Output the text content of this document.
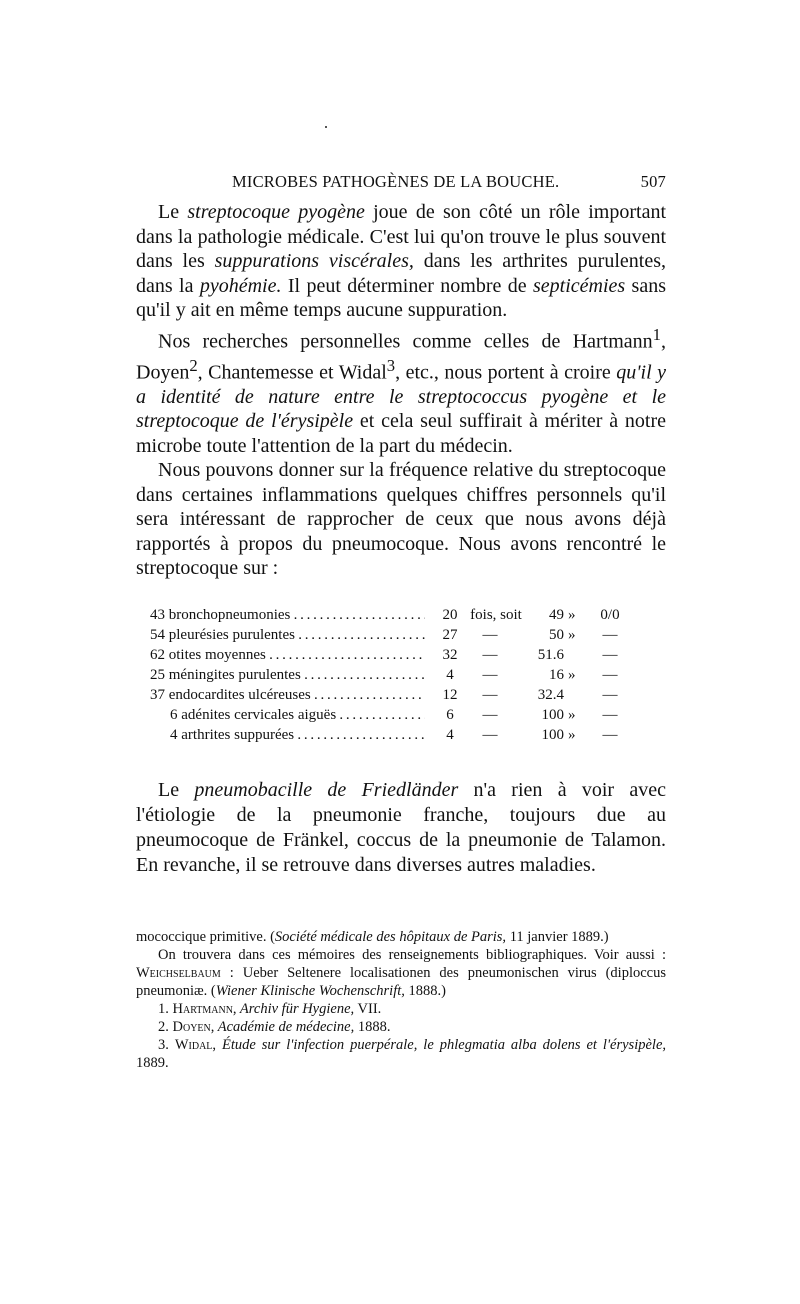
MICROBES PATHOGÈNES DE LA BOUCHE.	507

Le streptocoque pyogène joue de son côté un rôle important dans la pathologie médicale. C'est lui qu'on trouve le plus souvent dans les suppurations viscérales, dans les arthrites purulentes, dans la pyohémie. Il peut déterminer nombre de septicémies sans qu'il y ait en même temps aucune suppuration.

Nos recherches personnelles comme celles de Hartmann$^1$, Doyen$^2$, Chantemesse et Widal$^3$, etc., nous portent à croire qu'il y a identité de nature entre le streptococcus pyogène et le streptocoque de l'érysipèle et cela seul suffirait à mériter à notre microbe toute l'attention de la part du médecin.

Nous pouvons donner sur la fréquence relative du streptocoque dans certaines inflammations quelques chiffres personnels qu'il sera intéressant de rapprocher de ceux que nous avons déjà rapportés à propos du pneumocoque. Nous avons rencontré le streptocoque sur :

43 bronchopneumonies . . .	20 fois, soit	49 »	0/0
54 pleurésies purulentes . . .	27	—	50 »	—
62 otites moyennes . . .	32	—	51.6	—
25 méningites purulentes . . .	4	—	16 »	—
37 endocardites ulcéreuses . . .	12	—	32.4	—
6 adénites cervicales aiguës . . .	6	—	100 »	—
4 arthrites suppurées . . .	4	—	100 »	—

Le pneumobacille de Friedländer n'a rien à voir avec l'étiologie de la pneumonie franche, toujours due au pneumocoque de Fränkel, coccus de la pneumonie de Talamon. En revanche, il se retrouve dans diverses autres maladies.

mococcique primitive. (Société médicale des hôpitaux de Paris, 11 janvier 1889.)

On trouvera dans ces mémoires des renseignements bibliographiques. Voir aussi : Weichselbaum : Ueber Seltenere localisationen des pneumonischen virus (diploccus pneumoniæ. (Wiener Klinische Wochenschrift, 1888.)

1. Hartmann, Archiv für Hygiene, VII.

2. Doyen, Académie de médecine, 1888.

3. Widal, Étude sur l'infection puerpérale, le phlegmatia alba dolens et l'érysipèle, 1889.
